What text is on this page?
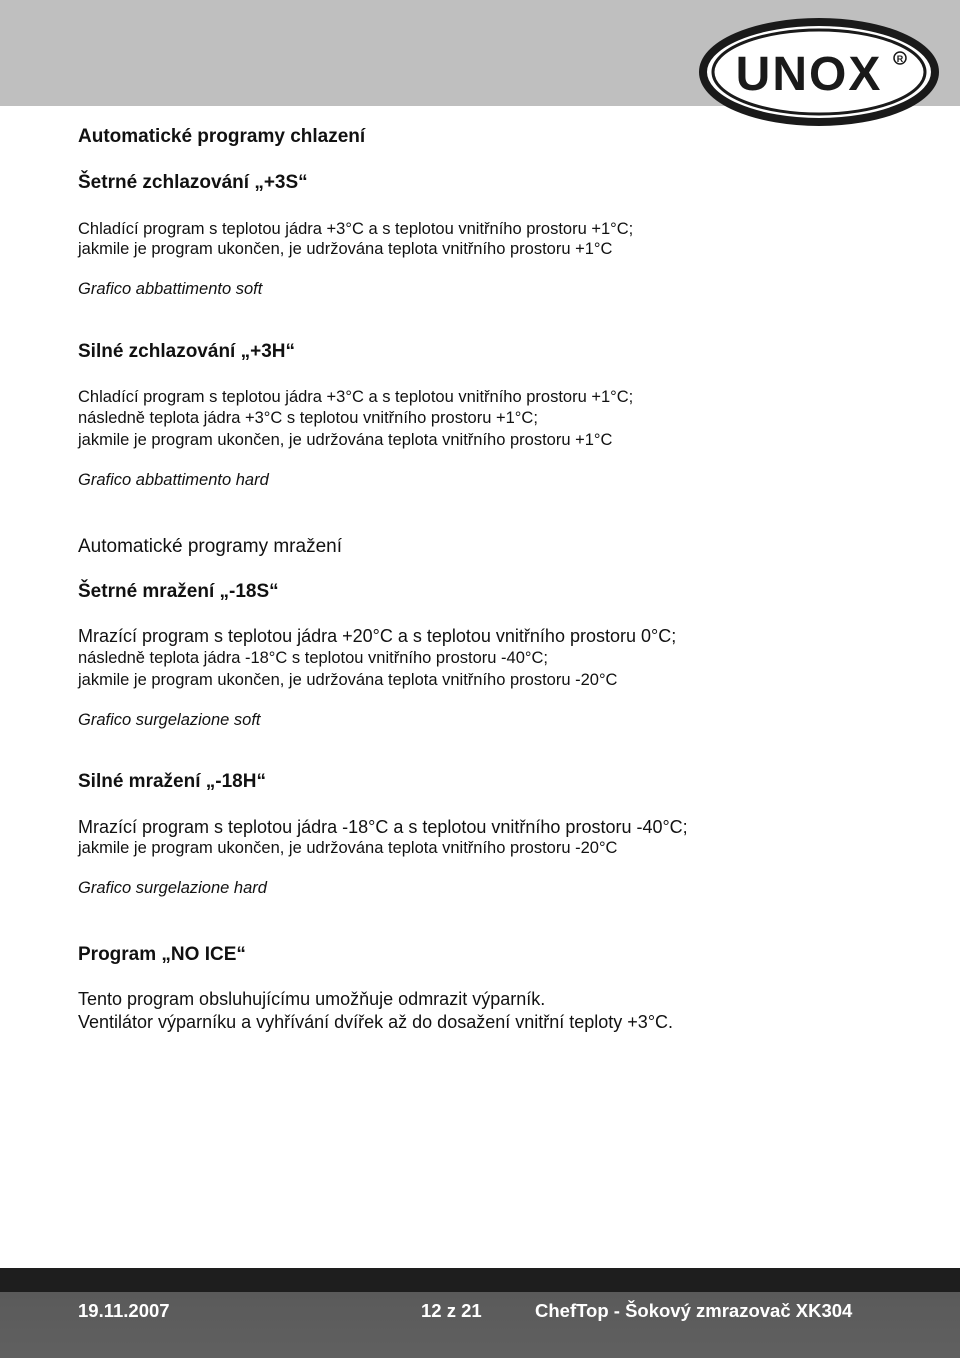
UNOX R
Automatické programy chlazení
Šetrné zchlazování „+3S“
Chladící program s teplotou jádra +3°C a s teplotou vnitřního prostoru +1°C;
jakmile je program ukončen, je udržována teplota vnitřního prostoru +1°C
Grafico abbattimento soft
Silné zchlazování „+3H“
Chladící program s teplotou jádra +3°C a s teplotou vnitřního prostoru +1°C;
následně teplota jádra +3°C s teplotou vnitřního prostoru +1°C;
jakmile je program ukončen, je udržována teplota vnitřního prostoru +1°C
Grafico abbattimento hard
Automatické programy mražení
Šetrné mražení „-18S“
Mrazící program s teplotou jádra +20°C a s teplotou vnitřního prostoru 0°C;
následně teplota jádra -18°C s teplotou vnitřního prostoru -40°C;
jakmile je program ukončen, je udržována teplota vnitřního prostoru -20°C
Grafico surgelazione soft
Silné mražení „-18H“
Mrazící program s teplotou jádra -18°C a s teplotou vnitřního prostoru -40°C;
jakmile je program ukončen, je udržována teplota vnitřního prostoru -20°C
Grafico surgelazione hard
Program „NO ICE“
Tento program obsluhujícímu umožňuje odmrazit výparník.
Ventilátor výparníku a vyhřívání dvířek až do dosažení vnitřní teploty +3°C.
19.11.2007	12 z 21	ChefTop - Šokový zmrazovač XK304
